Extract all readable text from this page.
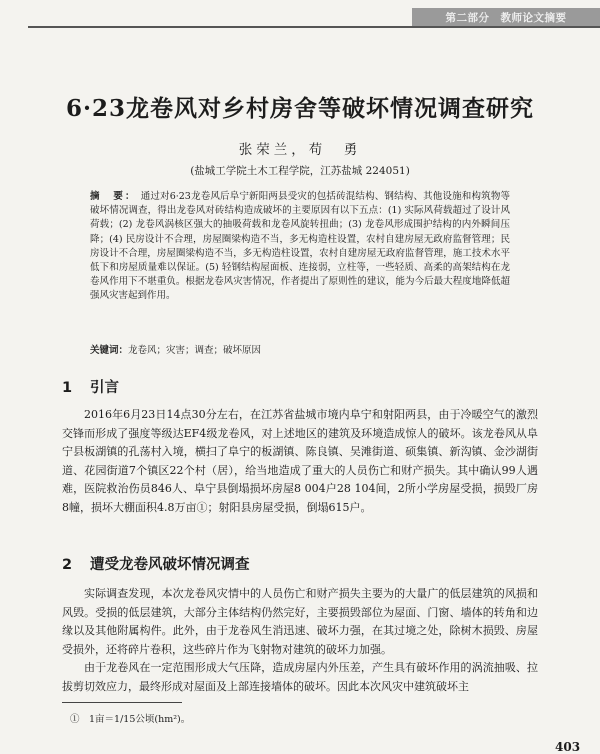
第二部分　教师论文摘要
6·23龙卷风对乡村房舍等破坏情况调查研究
张荣兰，苟　勇
(盐城工学院土木工程学院，江苏盐城 224051)
摘　要： 通过对6·23龙卷风后阜宁新阳两县受灾的包括砖混结构、钢结构、其他设施和构筑物等破坏情况调查，得出龙卷风对砖结构造成破坏的主要原因有以下五点：(1) 实际风荷载超过了设计风荷载；(2) 龙卷风涡核区强大的抽吸荷载和龙卷风旋转扭曲；(3) 龙卷风形成围护结构的内外瞬间压降；(4) 民房设计不合理，房屋圈梁构造不当，多无构造柱设置，农村自建房屋无政府监督管理；民房设计不合理，房屋圈梁构造不当，多无构造柱设置，农村自建房屋无政府监督管理，施工技术水平低下和房屋质量难以保证。(5) 轻钢结构屋面板、连接弱，立柱等，一些轻质、高柔的高架结构在龙卷风作用下不堪重负。根据龙卷风灾害情况，作者提出了原则性的建议，能为今后最大程度地降低超强风灾害起到作用。
关键词：龙卷风；灾害；调查；破坏原因
1 引言

2016年6月23日14点30分左右，在江苏省盐城市境内阜宁和射阳两县，由于冷暖空气的激烈交锋而形成了强度等级达EF4级龙卷风，对上述地区的建筑及环境造成惊人的破坏。该龙卷风从阜宁县板湖镇的孔荡村入境，横扫了阜宁的板湖镇、陈良镇、吴滩街道、硕集镇、新沟镇、金沙湖街道、花园街道7个镇区22个村（居），给当地造成了重大的人员伤亡和财产损失。其中确认99人遇难，医院救治伤员846人、阜宁县倒塌损坏房屋8 004户28 104间，2所小学房屋受损，损毁厂房8幢，损坏大棚面积4.8万亩①；射阳县房屋受损，倒塌615户。

2 遭受龙卷风破坏情况调查

实际调查发现，本次龙卷风灾情中的人员伤亡和财产损失主要为的大量广的低层建筑的风损和风毁。受损的低层建筑，大部分主体结构仍然完好，主要损毁部位为屋面、门窗、墙体的转角和边缘以及其他附属构件。此外，由于龙卷风生消迅速、破坏力强，在其过境之处，除树木损毁、房屋受损外，还将碎片卷积，这些碎片作为飞射物对建筑的破坏力加强。

由于龙卷风在一定范围形成大气压降，造成房屋内外压差，产生具有破坏作用的涡流抽吸、拉拔剪切效应力，最终形成对屋面及上部连接墙体的破坏。因此本次风灾中建筑破坏主

①　1亩＝1/15公顷(hm²)。
403
